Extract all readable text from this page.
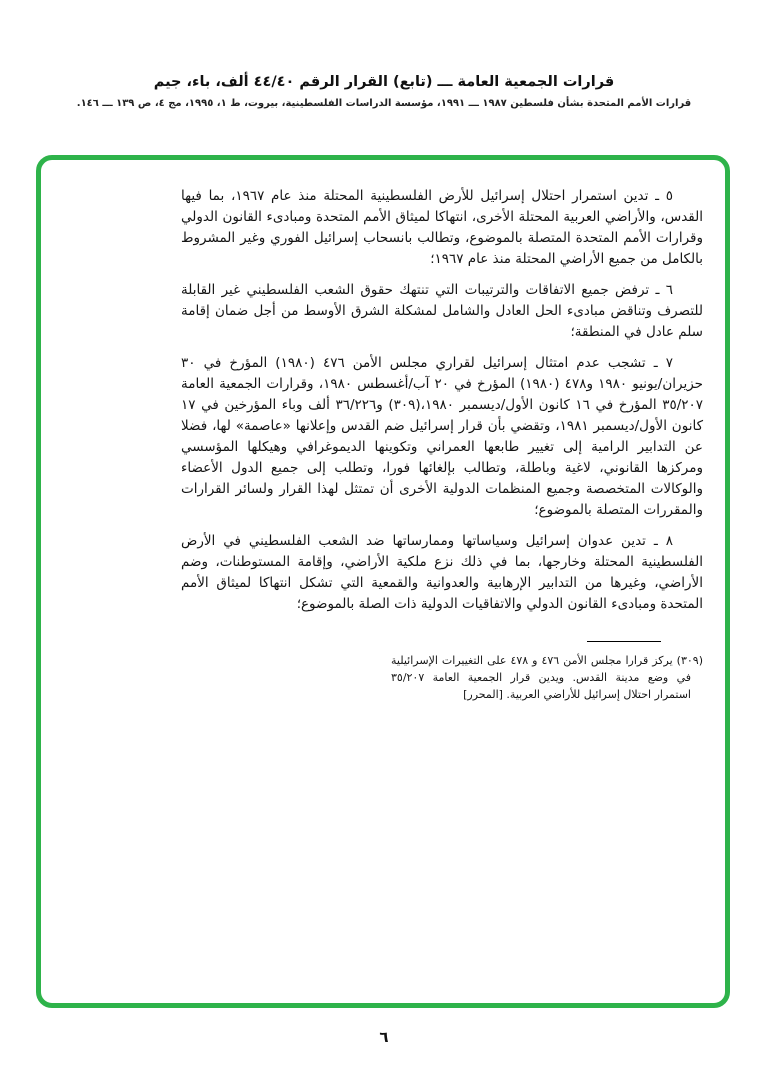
قرارات الجمعية العامة ـــ (تابع) القرار الرقم ٤٤/٤٠ ألف، باء، جيم
قرارات الأمم المتحدة بشأن فلسطين ١٩٨٧ ـــ ١٩٩١، مؤسسة الدراسات الفلسطينية، بيروت، ط ١، ١٩٩٥، مج ٤، ص ١٣٩ ـــ ١٤٦.

٥ ـ تدين استمرار احتلال إسرائيل للأرض الفلسطينية المحتلة منذ عام ١٩٦٧، بما فيها القدس، والأراضي العربية المحتلة الأخرى، انتهاكا لميثاق الأمم المتحدة ومبادىء القانون الدولي وقرارات الأمم المتحدة المتصلة بالموضوع، وتطالب بانسحاب إسرائيل الفوري وغير المشروط بالكامل من جميع الأراضي المحتلة منذ عام ١٩٦٧؛

٦ ـ ترفض جميع الاتفاقات والترتيبات التي تنتهك حقوق الشعب الفلسطيني غير القابلة للتصرف وتناقض مبادىء الحل العادل والشامل لمشكلة الشرق الأوسط من أجل ضمان إقامة سلم عادل في المنطقة؛

٧ ـ تشجب عدم امتثال إسرائيل لقراري مجلس الأمن ٤٧٦ (١٩٨٠) المؤرخ في ٣٠ حزيران/يونيو ١٩٨٠ و٤٧٨ (١٩٨٠) المؤرخ في ٢٠ آب/أغسطس ١٩٨٠، وقرارات الجمعية العامة ٣٥/٢٠٧ المؤرخ في ١٦ كانون الأول/ديسمبر ١٩٨٠،(٣٠٩) و٣٦/٢٢٦ ألف وباء المؤرخين في ١٧ كانون الأول/ديسمبر ١٩٨١، وتقضي بأن قرار إسرائيل ضم القدس وإعلانها «عاصمة» لها، فضلا عن التدابير الرامية إلى تغيير طابعها العمراني وتكوينها الديموغرافي وهيكلها المؤسسي ومركزها القانوني، لاغية وباطلة، وتطالب بإلغائها فورا، وتطلب إلى جميع الدول الأعضاء والوكالات المتخصصة وجميع المنظمات الدولية الأخرى أن تمتثل لهذا القرار ولسائر القرارات والمقررات المتصلة بالموضوع؛

٨ ـ تدين عدوان إسرائيل وسياساتها وممارساتها ضد الشعب الفلسطيني في الأرض الفلسطينية المحتلة وخارجها، بما في ذلك نزع ملكية الأراضي، وإقامة المستوطنات، وضم الأراضي، وغيرها من التدابير الإرهابية والعدوانية والقمعية التي تشكل انتهاكا لميثاق الأمم المتحدة ومبادىء القانون الدولي والاتفاقيات الدولية ذات الصلة بالموضوع؛

(٣٠٩) يركز قرارا مجلس الأمن ٤٧٦ و ٤٧٨ على التغييرات الإسرائيلية في وضع مدينة القدس. ويدين قرار الجمعية العامة ٣٥/٢٠٧ استمرار احتلال إسرائيل للأراضي العربية. [المحرر]
٦
